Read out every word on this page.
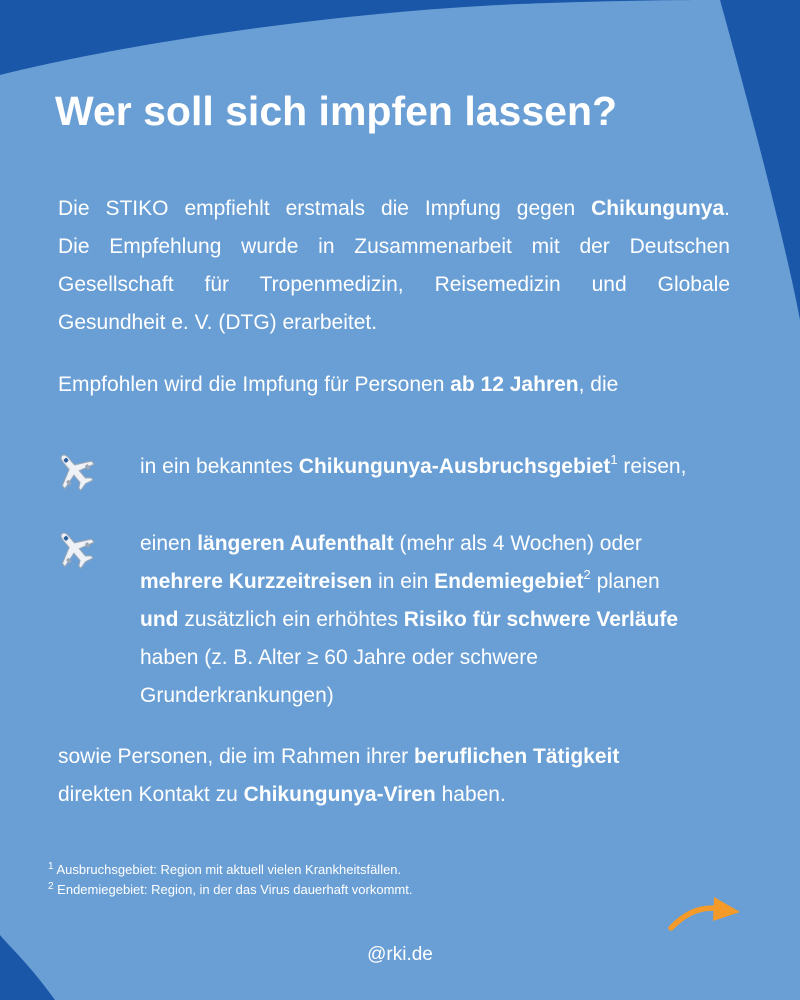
Wer soll sich impfen lassen?
Die STIKO empfiehlt erstmals die Impfung gegen Chikungunya.
Die Empfehlung wurde in Zusammenarbeit mit der Deutschen
Gesellschaft für Tropenmedizin, Reisemedizin und Globale
Gesundheit e. V. (DTG) erarbeitet.
Empfohlen wird die Impfung für Personen ab 12 Jahren, die
in ein bekanntes Chikungunya-Ausbruchsgebiet$^1$ reisen,
einen längeren Aufenthalt (mehr als 4 Wochen) oder
mehrere Kurzzeitreisen in ein Endemiegebiet$^2$ planen
und zusätzlich ein erhöhtes Risiko für schwere Verläufe
haben (z. B. Alter ≥ 60 Jahre oder schwere
Grunderkrankungen)
sowie Personen, die im Rahmen ihrer beruflichen Tätigkeit
direkten Kontakt zu Chikungunya-Viren haben.
$^1$ Ausbruchsgebiet: Region mit aktuell vielen Krankheitsfällen.
$^2$ Endemiegebiet: Region, in der das Virus dauerhaft vorkommt.
@rki.de
